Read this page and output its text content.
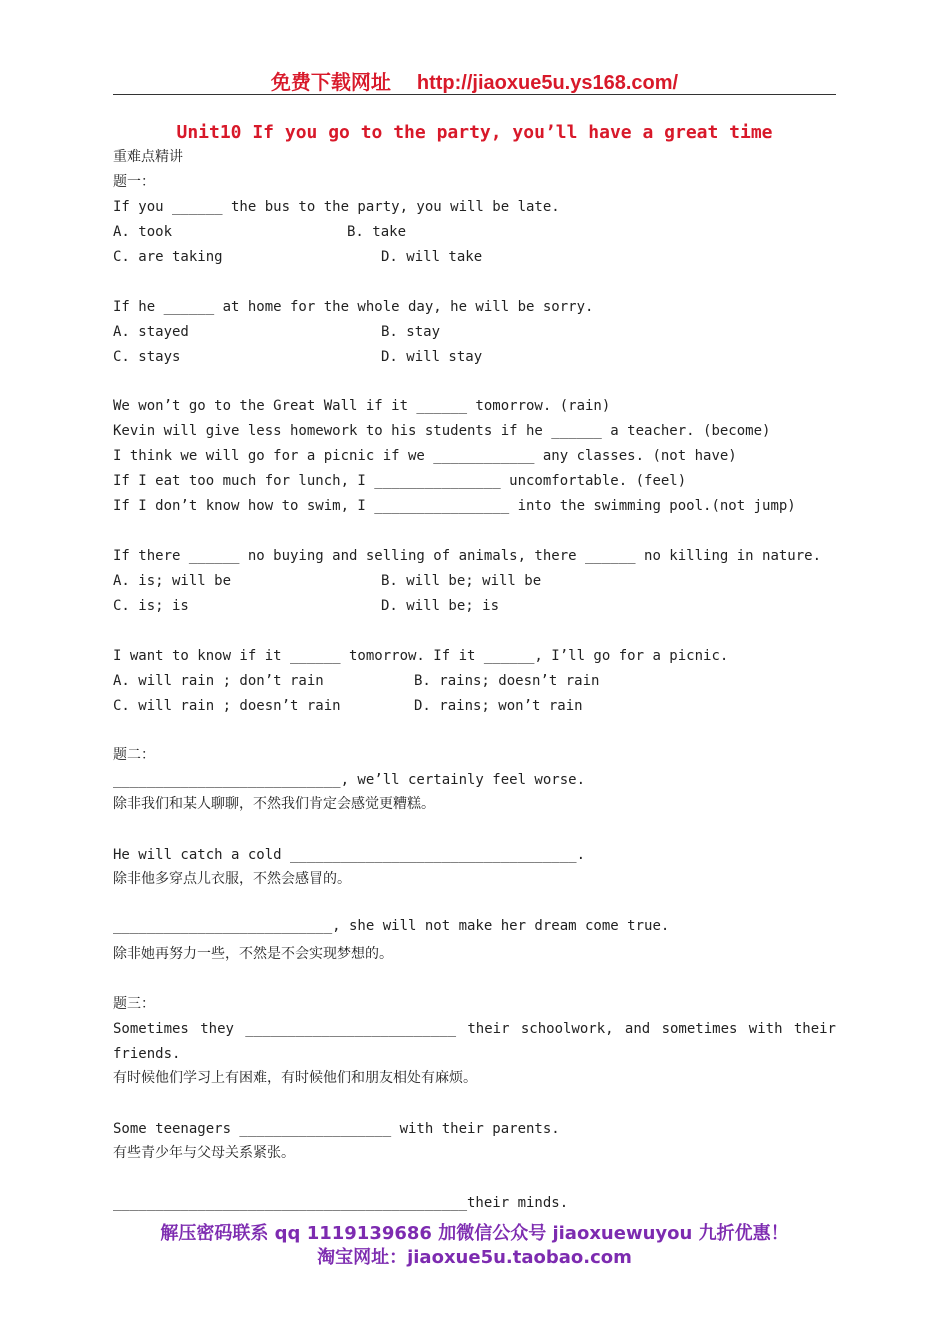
免费下载网址 http://jiaoxue5u.ys168.com/
Unit10 If you go to the party, you’ll have a great time
重难点精讲
题一：
If you ______ the bus to the party, you will be late.
A. took	B. take
C. are taking	D. will take
If he ______ at home for the whole day, he will be sorry.
A. stayed	B. stay
C. stays	D. will stay
We won’t go to the Great Wall if it ______ tomorrow. (rain)
Kevin will give less homework to his students if he ______ a teacher. (become)
I think we will go for a picnic if we ____________ any classes. (not have)
If I eat too much for lunch, I _______________ uncomfortable. (feel)
If I don’t know how to swim, I ________________ into the swimming pool.(not jump)
If there ______ no buying and selling of animals, there ______ no killing in nature.
A. is; will be	B. will be; will be
C. is; is	D. will be; is
I want to know if it ______ tomorrow. If it ______, I’ll go for a picnic.
A. will rain ; don’t rain	B. rains; doesn’t rain
C. will rain ; doesn’t rain	D. rains; won’t rain
题二：
___________________________, we’ll certainly feel worse.
除非我们和某人聊聊，不然我们肯定会感觉更糟糕。
He will catch a cold __________________________________.
除非他多穿点儿衣服，不然会感冒的。
__________________________, she will not make her dream come true.
除非她再努力一些，不然是不会实现梦想的。
题三：
Sometimes they _________________________ their schoolwork, and sometimes with their
friends.
有时候他们学习上有困难，有时候他们和朋友相处有麻烦。
Some teenagers __________________ with their parents.
有些青少年与父母关系紧张。
__________________________________________their minds.
解压密码联系 qq 1119139686 加微信公众号 jiaoxuewuyou 九折优惠！
淘宝网址：jiaoxue5u.taobao.com
